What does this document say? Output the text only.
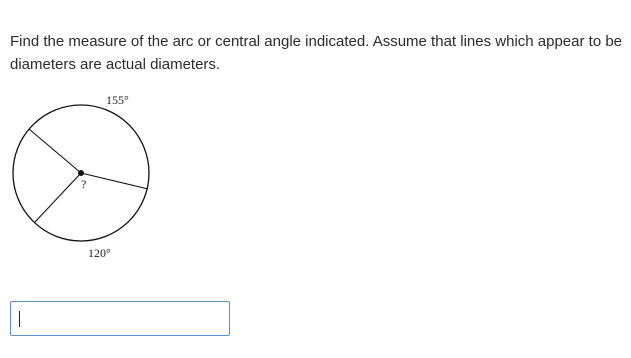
Find the measure of the arc or central angle indicated. Assume that lines which appear to be diameters are actual diameters.

155°
?
120°
